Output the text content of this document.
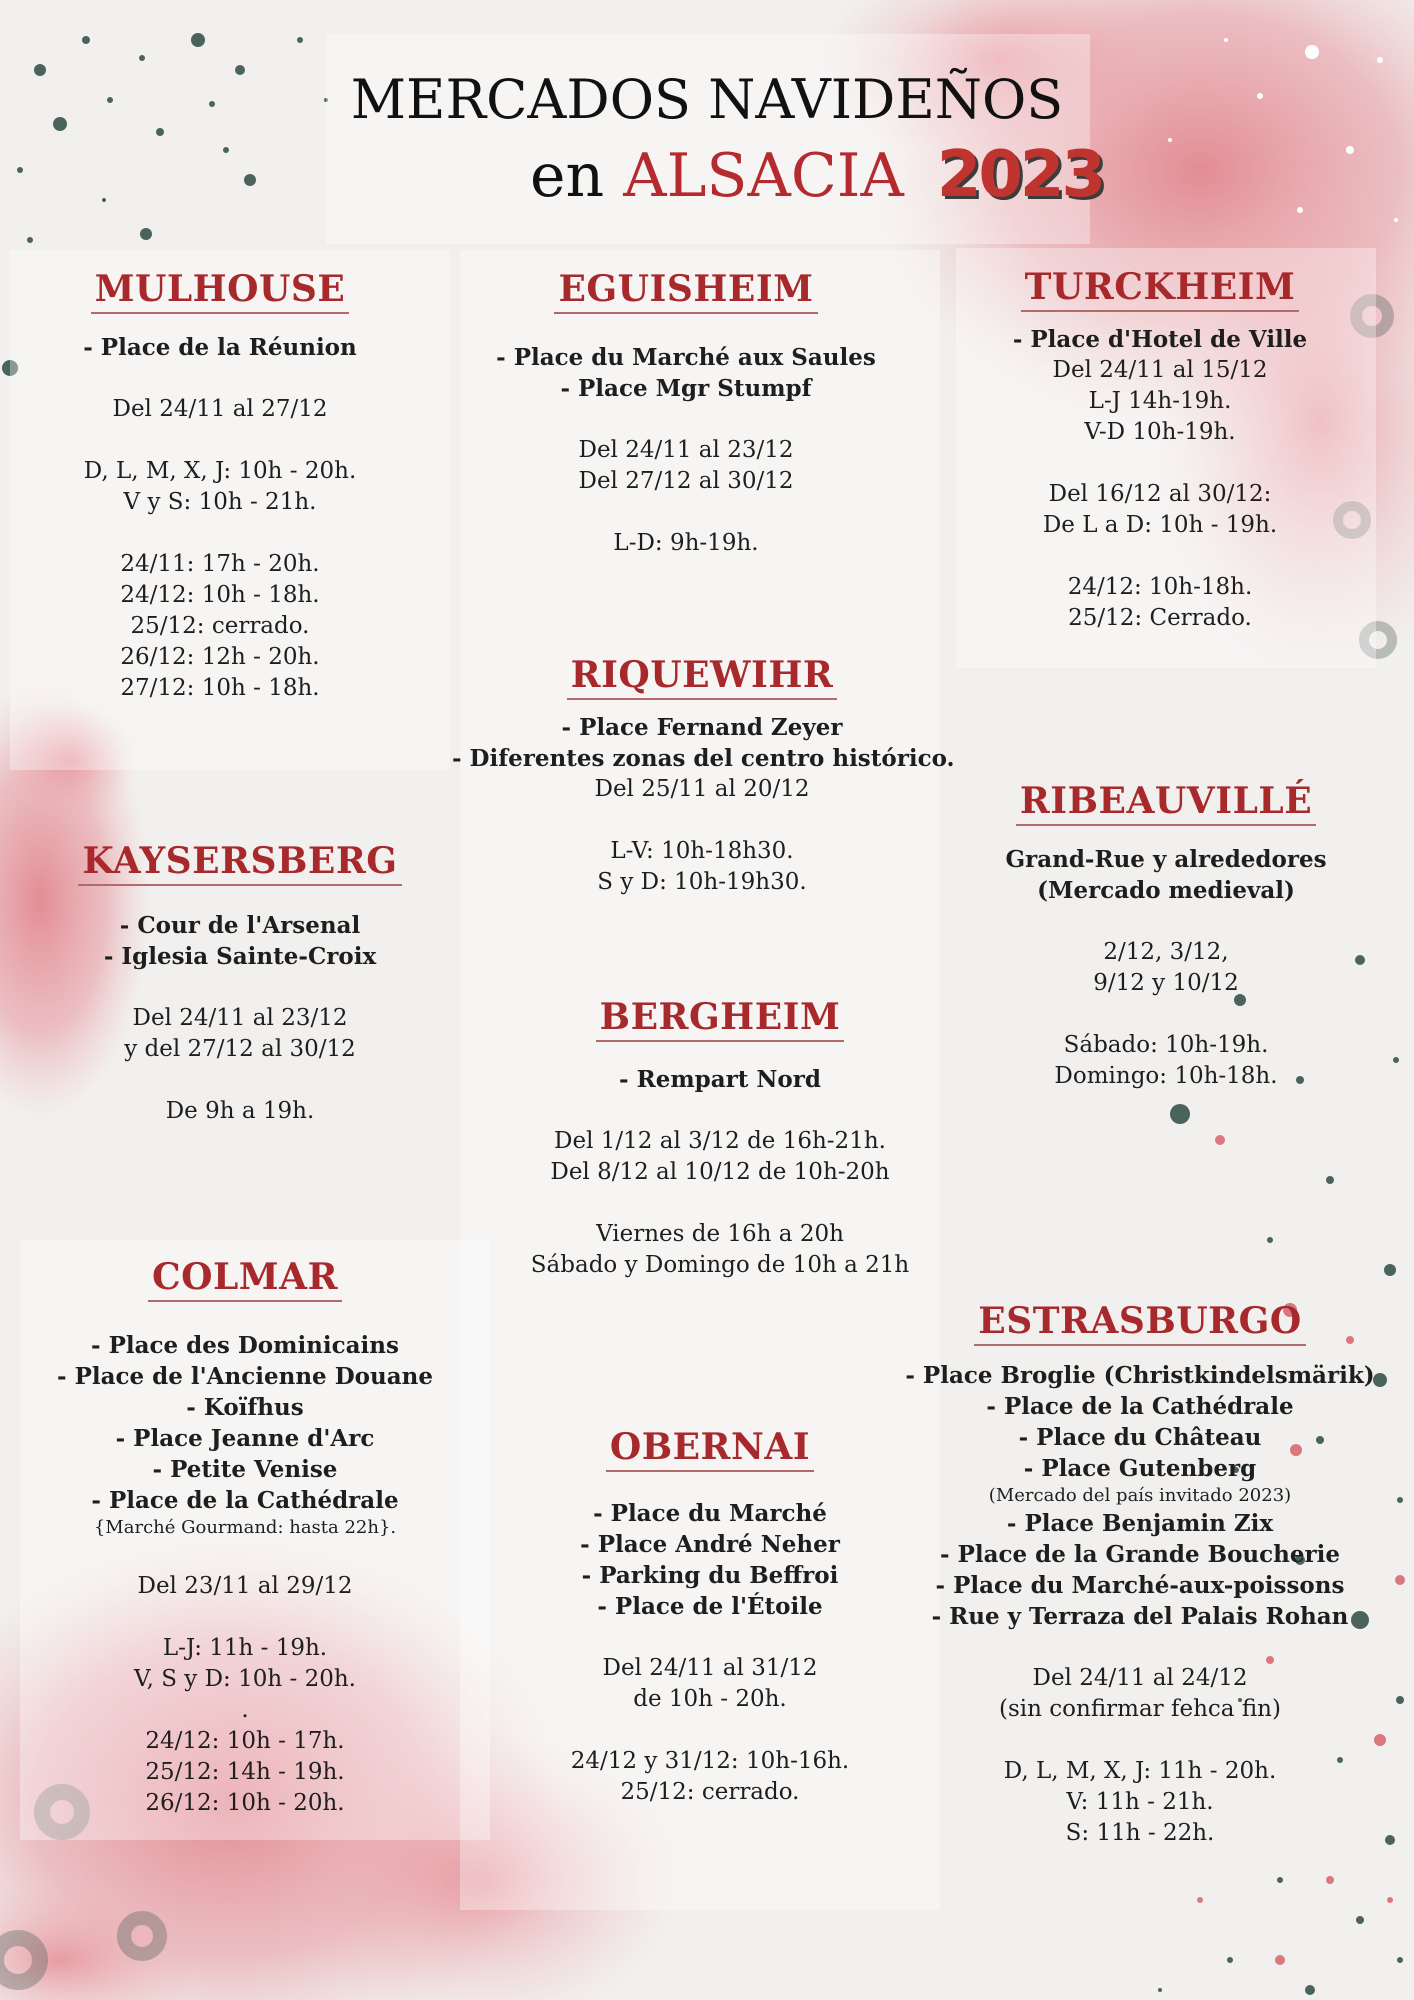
MERCADOS NAVIDEÑOS
en ALSACIA 2023
MULHOUSE
- Place de la Réunion
Del 24/11 al 27/12
D, L, M, X, J: 10h - 20h.
V y S: 10h - 21h.
24/11: 17h - 20h.
24/12: 10h - 18h.
25/12: cerrado.
26/12: 12h - 20h.
27/12: 10h - 18h.
EGUISHEIM
- Place du Marché aux Saules
- Place Mgr Stumpf
Del 24/11 al 23/12
Del 27/12 al 30/12
L-D: 9h-19h.
TURCKHEIM
- Place d'Hotel de Ville
Del 24/11 al 15/12
L-J 14h-19h.
V-D 10h-19h.
Del 16/12 al 30/12:
De L a D: 10h - 19h.
24/12: 10h-18h.
25/12: Cerrado.
RIQUEWIHR
- Place Fernand Zeyer
- Diferentes zonas del centro histórico.
Del 25/11 al 20/12
L-V: 10h-18h30.
S y D: 10h-19h30.
KAYSERSBERG
- Cour de l'Arsenal
- Iglesia Sainte-Croix
Del 24/11 al 23/12
y del 27/12 al 30/12
De 9h a 19h.
RIBEAUVILLÉ
Grand-Rue y alrededores
(Mercado medieval)
2/12, 3/12,
9/12 y 10/12
Sábado: 10h-19h.
Domingo: 10h-18h.
BERGHEIM
- Rempart Nord
Del 1/12 al 3/12 de 16h-21h.
Del 8/12 al 10/12 de 10h-20h
Viernes de 16h a 20h
Sábado y Domingo de 10h a 21h
COLMAR
- Place des Dominicains
- Place de l'Ancienne Douane
- Koïfhus
- Place Jeanne d'Arc
- Petite Venise
- Place de la Cathédrale
{Marché Gourmand: hasta 22h}.
Del 23/11 al 29/12
L-J: 11h - 19h.
V, S y D: 10h - 20h.
.
24/12: 10h - 17h.
25/12: 14h - 19h.
26/12: 10h - 20h.
OBERNAI
- Place du Marché
- Place André Neher
- Parking du Beffroi
- Place de l'Étoile
Del 24/11 al 31/12
de 10h - 20h.
24/12 y 31/12: 10h-16h.
25/12: cerrado.
ESTRASBURGO
- Place Broglie (Christkindelsmärik)
- Place de la Cathédrale
- Place du Château
- Place Gutenberg
(Mercado del país invitado 2023)
- Place Benjamin Zix
- Place de la Grande Boucherie
- Place du Marché-aux-poissons
- Rue y Terraza del Palais Rohan
Del 24/11 al 24/12
(sin confirmar fehca fin)
D, L, M, X, J: 11h - 20h.
V: 11h - 21h.
S: 11h - 22h.
